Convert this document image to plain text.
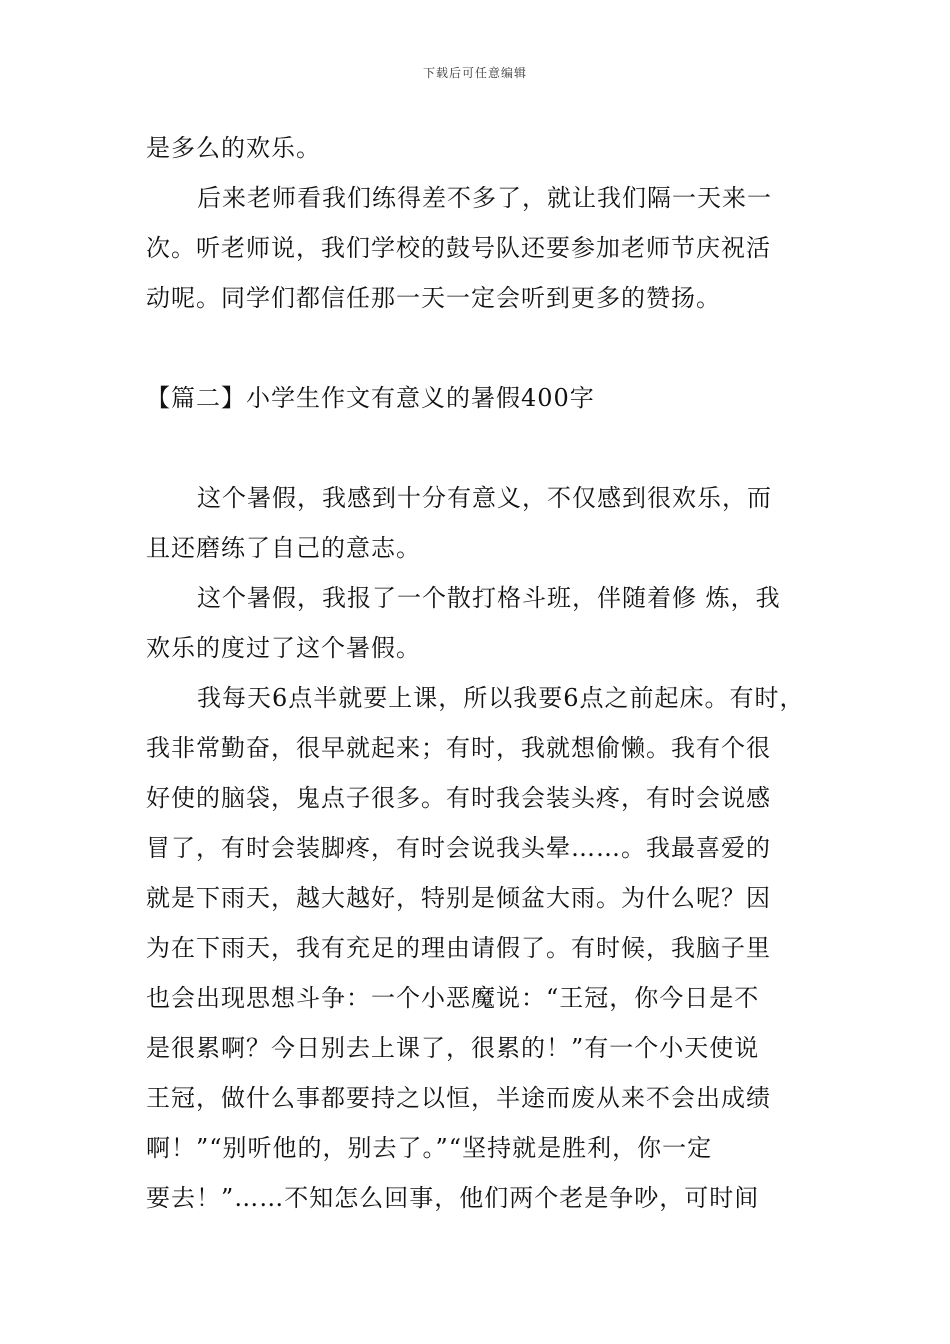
下载后可任意编辑
是多么的欢乐。
后来老师看我们练得差不多了，就让我们隔一天来一
次。听老师说，我们学校的鼓号队还要参加老师节庆祝活
动呢。同学们都信任那一天一定会听到更多的赞扬。
【篇二】小学生作文有意义的暑假400字
这个暑假，我感到十分有意义，不仅感到很欢乐，而
且还磨练了自己的意志。
这个暑假，我报了一个散打格斗班，伴随着修 炼，我
欢乐的度过了这个暑假。
我每天6点半就要上课，所以我要6点之前起床。有时，
我非常勤奋，很早就起来；有时，我就想偷懒。我有个很
好使的脑袋，鬼点子很多。有时我会装头疼，有时会说感
冒了，有时会装脚疼，有时会说我头晕……。我最喜爱的
就是下雨天，越大越好，特别是倾盆大雨。为什么呢？因
为在下雨天，我有充足的理由请假了。有时候，我脑子里
也会出现思想斗争：一个小恶魔说：“王冠，你今日是不
是很累啊？今日别去上课了，很累的！”有一个小天使说
王冠，做什么事都要持之以恒，半途而废从来不会出成绩
啊！”“别听他的，别去了。”“坚持就是胜利，你一定
要去！”……不知怎么回事，他们两个老是争吵，可时间
